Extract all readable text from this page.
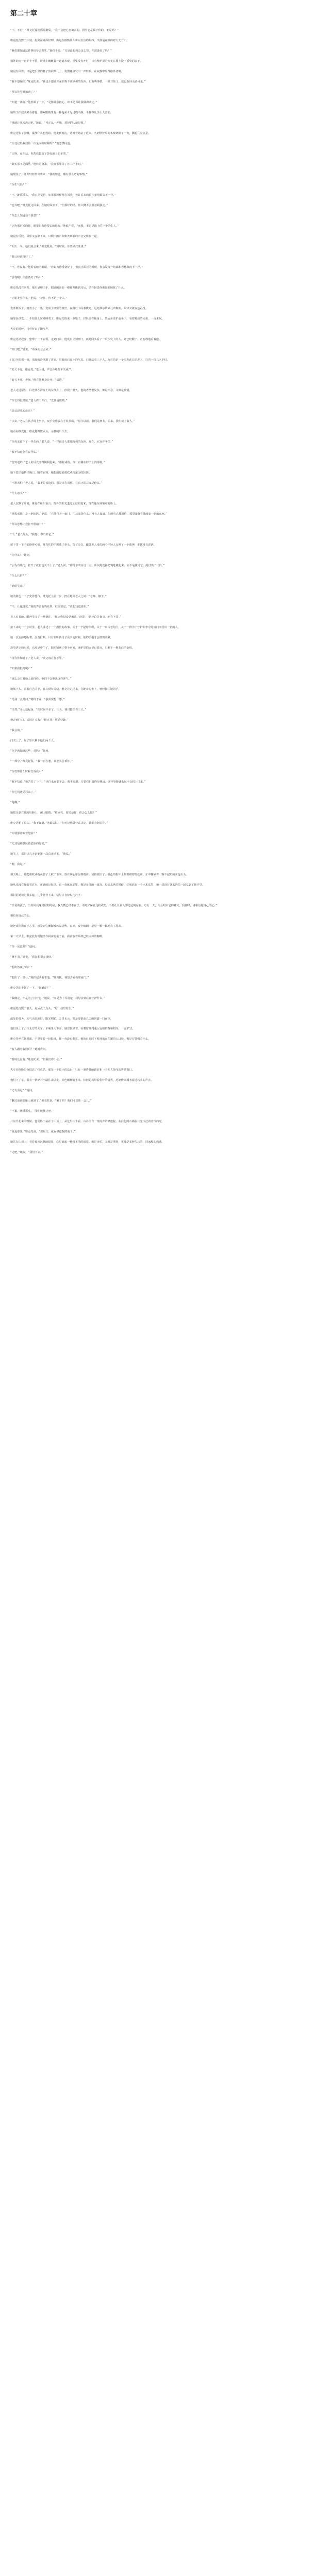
第二十章

“不，不行！”维克托猛地摇晃脑袋。“我不会把它交出去的。因为它是属于你的，不是吗？”

维克托沉默了片刻，指尖在桌面轻叩，像是在权衡什么难以启齿的东西，又像是在等待对方先开口。

“我们都知道这件事迟早会发生，”他终于说，“只是没想到会这么快。你准备好了吗？”

窗外的雨一直下个不停，玻璃上蜿蜒着一道道水痕。屋里没有开灯，只有壁炉里的火光在墙上投下摇曳的影子。

她没有回答，只是把手里的杯子放回茶几上，瓷器碰撞发出一声轻响，在寂静中显得格外清晰。

“我不想骗你，”维克托说，“我也不想让你承担你不该承担的东西。但有些事情，一旦开始了，就没有回头路可走。”

“所以你早就知道了？”

“知道一部分。”他停顿了一下，“足够让我担心，却不足以让我做出决定。”

她终于抬起头来看着他，那双眼睛里有一种他从未见过的平静，平静得几乎让人害怕。

“那就让我来决定吧，”她说，“反正从一开始，选择的人就是我。”

维克托张了张嘴，最终什么也没说。他走到窗边，背对着她站了很久，久到壁炉里的木柴烧塌了一角，溅起几点火星。

“你还记得我们第一次见面的时候吗？”他忽然问道。

“记得。在车站。你帮我捡起了掉在地上的车票。”

“其实那不是偶然，”他转过身来，“我在那里等了你三个小时。”

她愣住了，随即轻轻笑出声来：“我就知道。哪有那么巧的事情。”

“你生气吗？”

“不，”她摇摇头，“我只是觉得，如果那时候你告诉我，也许后来的很多事情都会不一样。”

“也许吧。”维克托走回来，在她对面坐下，“但那样的话，你大概不会愿意跟我走。”

“你怎么知道我不愿意？”

“因为那时候的你，眼里只有你要去的地方。”他低声说，“而我，不过是路上的一个陌生人。”

她没有反驳。屋里又安静下来，只剩下雨声和柴火噼啪的声音交织在一起。

“明天一早，他们就会来，”维克托说，“到时候，你要做好准备。”

“我已经准备好了。”

“不，你没有。”他看着她的眼睛，“你以为你准备好了，但真正面对的时候，你会发现一切都和你想象的不一样。”

“那你呢？你准备好了吗？”

维克托没有回答。他只是伸出手，把她额前的一缕碎发拨到耳后，动作轻柔得像是怕惊扰了什么。

“无论发生什么，”他说，“记住，你不是一个人。”

夜渐渐深了。雨势小了一些，变成了细密的雨丝，在路灯下闪着微光。远处偶尔传来几声狗吠，很快又被夜色吞没。

她靠在沙发上，不知什么时候睡着了。维克托取来一条毯子，轻轻盖在她身上，然后在壁炉前坐下，看着跳动的火焰，一夜未眠。

天亮的时候，门外传来了脚步声。

维克托站起身，整理了一下衣领，走到门前。他没有立刻开门，而是回头看了一眼沙发上的人。她已经醒了，正安静地看着他。

“开门吧，”她说，“该来的总会来。”

门打开的那一刻，清晨的冷风灌了进来，带着雨后泥土的气息。门外站着三个人，为首的是一个头发花白的老人，拄着一根乌木手杖。

“好久不见，维克托。”老人说，声音沙哑却不失威严。

“好久不见，老师。”维克托侧身让开，“请进。”

老人走进屋里，目光落在沙发上的女孩身上，停留了很久。他的表情很复杂，像是怀念，又像是惋惜。

“你长得很像她，”老人终于开口，“尤其是眼睛。”

“您认识我的母亲？”

“认识。”老人在扶手椅上坐下，双手交叠放在手杖顶端，“很久以前，我们是朋友。后来，我们成了敌人。”

她看向维克托，维克托微微点头，示意她听下去。

“你母亲留下了一样东西，”老人说，“一样很多人都想得到的东西。现在，它在你手里。”

“我不知道您在说什么。”

“你知道的。”老人的目光变得锐利起来，“那枚戒指。你一直戴在脖子上的那枚。”

她下意识地捂住胸口。隔着衣料，她能感觉到那枚戒指冰凉的轮廓。

“不用害怕，”老人说，“我不是来抢的。我是来告诉你，它真正的意义是什么。”

“什么意义？”

老人沉默了片刻，像是在组织语言。窗外的阳光透过云层照进来，落在他布满皱纹的脸上。

“那枚戒指，是一把钥匙，”他说，“它能打开一扇门。门后面是什么，没有人知道。但所有人都相信，那里面藏着能改变一切的东西。”

“所以您想让我打开那扇门？”

“不，”老人摇头，“我想让你毁掉它。”

屋子里一下子安静得可怕。维克托的手握成了拳头，指节泛白。跟随老人来的两个年轻人交换了一个眼神，谁都没有说话。

“为什么？”她问。

“因为有些门，打开了就再也关不上了。”老人说，“你母亲明白这一点，所以她选择把钥匙藏起来，而不是使用它。她付出了代价。”

“什么代价？”

“她的生命。”

她的脸色一下子变得苍白。维克托上前一步，挡在她和老人之间：“老师，够了。”

“不，让他说完，”她的声音有些发抖，但很坚定，“我想知道真相。”

老人看着她，眼神里多了一丝赞许。“你比你母亲更勇敢，”他说，“这也许是好事，也许不是。”

接下来的一个小时里，老人讲述了一个漫长的故事。关于一个秘密组织，关于一扇古老的门，关于一群为了守护和争夺这扇门而付出一切的人。

她一直安静地听着，没有打断。只有在听到母亲名字的时候，她的手指才会微微收紧。

故事讲完的时候，已经是中午了。阳光铺满了整个房间，壁炉里的火早已熄灭，只剩下一堆灰白的余烬。

“现在你知道了，”老人说，“决定权在你手里。”

“如果我拒绝呢？”

“那么会有其他人来找你。他们不会像我这样客气。”

她低下头，看着自己的手，良久没有说话。维克托走过来，在她身边坐下，轻轻握住她的手。

“给我一点时间，”她终于说，“我需要想一想。”

“当然，”老人站起身，“但时间不多了。三天，我只能给你三天。”

他走到门口，又回过头来：“维克托，照顾好她。”

“我会的。”

门关上了。屋子里只剩下他们两个人。

“你早就知道这些，对吗？”她问。

“一部分。”维克托说，“我一直在想，该怎么告诉你。”

“你打算什么时候告诉我？”

“我不知道。”他苦笑了一下，“也许永远都不会。我本来想，只要我们离得足够远，这些事情就永远不会找上门来。”

“但它们还是找来了。”

“是啊。”

她把头靠在他的肩膀上，闭上眼睛。“维克托，如果是你，你会怎么做？”

维克托想了很久。“我不知道，”他最后说，“但无论你做什么决定，我都会陪着你。”

“即使那意味着危险？”

“尤其是那意味着危险的时候。”

她笑了，那是这几天来她第一次真正地笑。“傻瓜。”

“嗯，我是。”

那天晚上，她把那枚戒指从脖子上取了下来，放在掌心里仔细端详。戒指很旧了，银色的指环上刻着细密的花纹，正中镶嵌着一颗不起眼的灰色石头。

她从来没有仔细看过它。在她的记忆里，它一直就在那里，像是身体的一部分。母亲去世的时候，它被放在一个小木盒里，和一封没有署名的信一起交到了她手里。

那封信她读过很多遍，几乎能背下来。信里只有短短几行字：

“亲爱的孩子，当你读到这封信的时候，我大概已经不在了。请好好保管这枚戒指，不要让任何人知道它的存在。总有一天，你会明白它的意义。到那时，请相信你自己的心。”

相信你自己的心。

她把戒指握在手心里，感觉到它渐渐被体温捂热。窗外，夜空晴朗，星星一颗一颗地亮了起来。

第二天早上，维克托发现她坐在厨房的桌子前，面前放着两杯已经凉掉的咖啡。

“你一夜没睡？”他问。

“睡不着。”她说，“我在想很多事情。”

“想出答案了吗？”

“想出了一部分。”她抬起头看着他，“维克托，我想去看看那扇门。”

维克托的手顿了一下。“你确定？”

“我确定。不是为了打开它，”她说，“而是为了弄清楚，我母亲到底在守护什么。”

维克托沉默了很久，最后点了点头。“好，我陪你去。”

出发的那天，天气出奇地好。阳光明媚，万里无云，像是要把前几天的阴霾一扫而空。

他们坐上了去往北方的火车。车厢里人不多，她靠窗坐着，看着窗外飞速后退的田野和村庄，一言不发。

维克托坐在她对面，手里拿着一份报纸，却一直没有翻页。他的目光时不时地落在车厢的入口处，像是在警惕着什么。

“有人跟着我们吗？”她低声问。

“暂时还没有。”维克托说，“但我们得小心。”

火车在傍晚时分抵达了终点站。那是一个很小的站台，只有一盏昏黄的路灯和一个无人值守的售票窗口。

他们下了车，沿着一条碎石小路往山里走。天色渐渐暗下来，林间的风带着松针的清香，远处传来溪水流过石头的声音。

“还有多远？”她问。

“翻过前面那座山就到了。”维克托说，“累了吗？我们可以歇一会儿。”

“不累，”她摇摇头，“我们继续走吧。”

月亮升起来的时候，他们终于站在了山顶上。从这里往下看，山谷里有一座废弃的修道院，灰白色的石墙在月光下泛着冷冷的光。

“就是那里，”维克托说，“那扇门，就在修道院的地下。”

她站在山顶上，看着那座沉默的建筑，心里涌起一种说不清的感觉。像是害怕，又像是期待，更像是某种久违的、回家般的熟悉。

“走吧，”她说，“我们下去。”
